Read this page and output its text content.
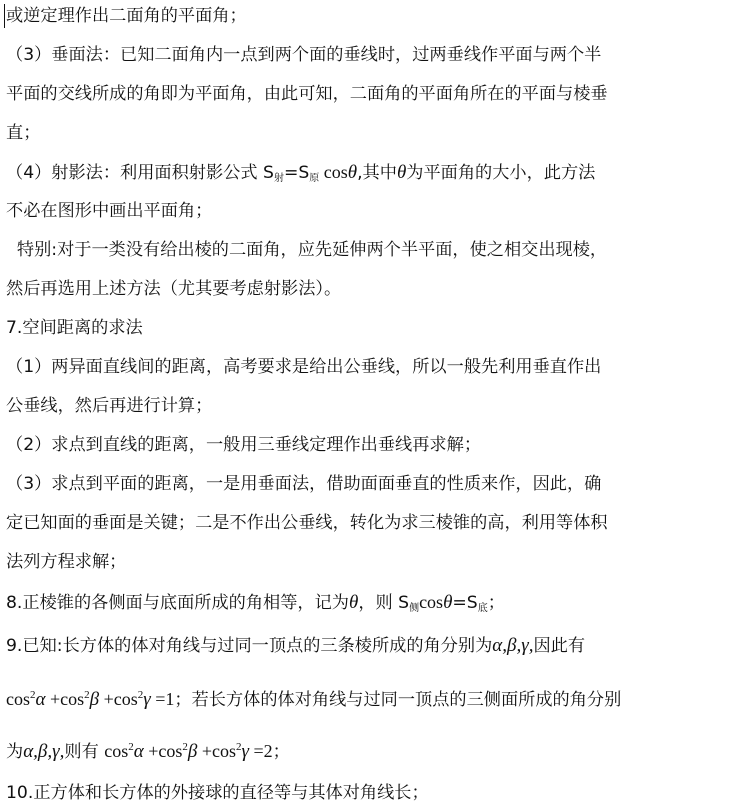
或逆定理作出二面角的平面角；
（3）垂面法：已知二面角内一点到两个面的垂线时，过两垂线作平面与两个半
平面的交线所成的角即为平面角，由此可知，二面角的平面角所在的平面与棱垂
直；
（4）射影法：利用面积射影公式 $S_射=S_原$ cosθ,其中θ为平面角的大小，此方法
不必在图形中画出平面角；
特别:对于一类没有给出棱的二面角，应先延伸两个半平面，使之相交出现棱，
然后再选用上述方法（尤其要考虑射影法）。
7.空间距离的求法
（1）两异面直线间的距离，高考要求是给出公垂线，所以一般先利用垂直作出
公垂线，然后再进行计算；
（2）求点到直线的距离，一般用三垂线定理作出垂线再求解；
（3）求点到平面的距离，一是用垂面法，借助面面垂直的性质来作，因此，确
定已知面的垂面是关键；二是不作出公垂线，转化为求三棱锥的高，利用等体积
法列方程求解；
8.正棱锥的各侧面与底面所成的角相等，记为θ，则 $S_侧\cos\theta=S_底$；
9.已知:长方体的体对角线与过同一顶点的三条棱所成的角分别为α,β,γ,因此有
$\cos^2\alpha +\cos^2\beta +\cos^2\gamma =1$；若长方体的体对角线与过同一顶点的三侧面所成的角分别
为α,β,γ,则有 $\cos^2\alpha +\cos^2\beta +\cos^2\gamma =2$；
10.正方体和长方体的外接球的直径等与其体对角线长；
